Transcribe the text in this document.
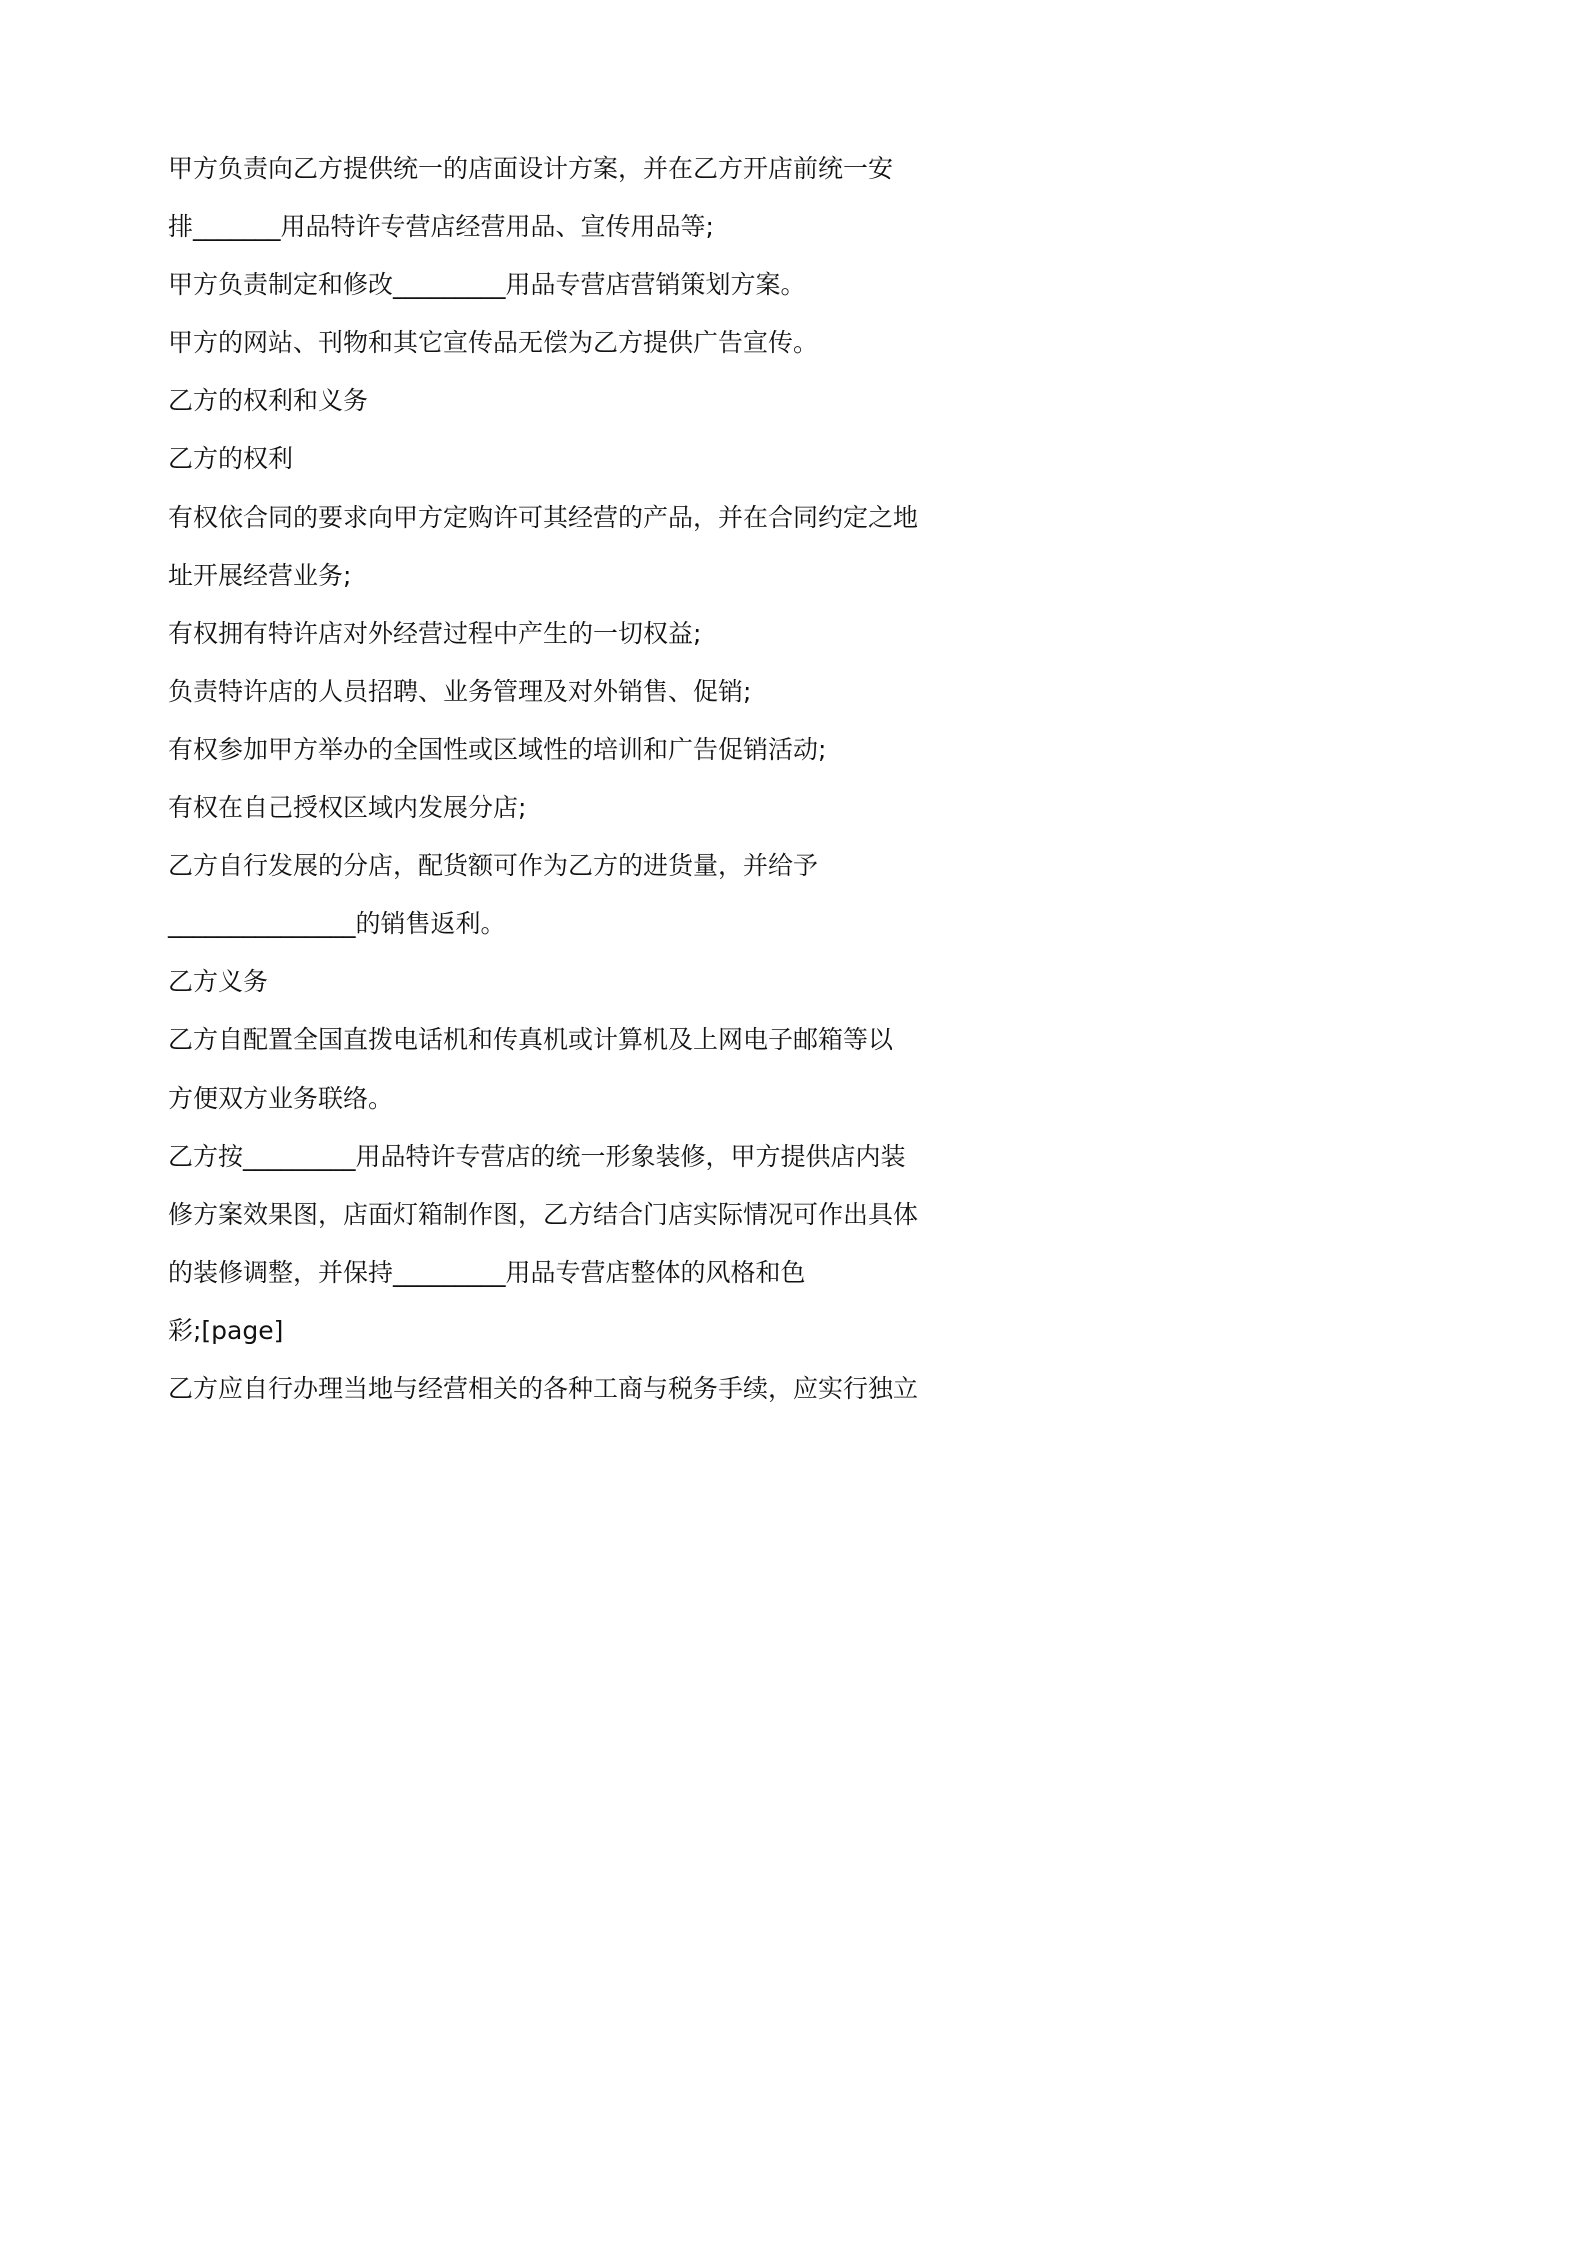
甲方负责向乙方提供统一的店面设计方案，并在乙方开店前统一安
排_______用品特许专营店经营用品、宣传用品等;
甲方负责制定和修改_________用品专营店营销策划方案。
甲方的网站、刊物和其它宣传品无偿为乙方提供广告宣传。
乙方的权利和义务
乙方的权利
有权依合同的要求向甲方定购许可其经营的产品，并在合同约定之地
址开展经营业务;
有权拥有特许店对外经营过程中产生的一切权益;
负责特许店的人员招聘、业务管理及对外销售、促销;
有权参加甲方举办的全国性或区域性的培训和广告促销活动;
有权在自己授权区域内发展分店;
乙方自行发展的分店，配货额可作为乙方的进货量，并给予
_______________的销售返利。
乙方义务
乙方自配置全国直拨电话机和传真机或计算机及上网电子邮箱等以
方便双方业务联络。
乙方按_________用品特许专营店的统一形象装修，甲方提供店内装
修方案效果图，店面灯箱制作图，乙方结合门店实际情况可作出具体
的装修调整，并保持_________用品专营店整体的风格和色
彩;[page]
乙方应自行办理当地与经营相关的各种工商与税务手续，应实行独立
